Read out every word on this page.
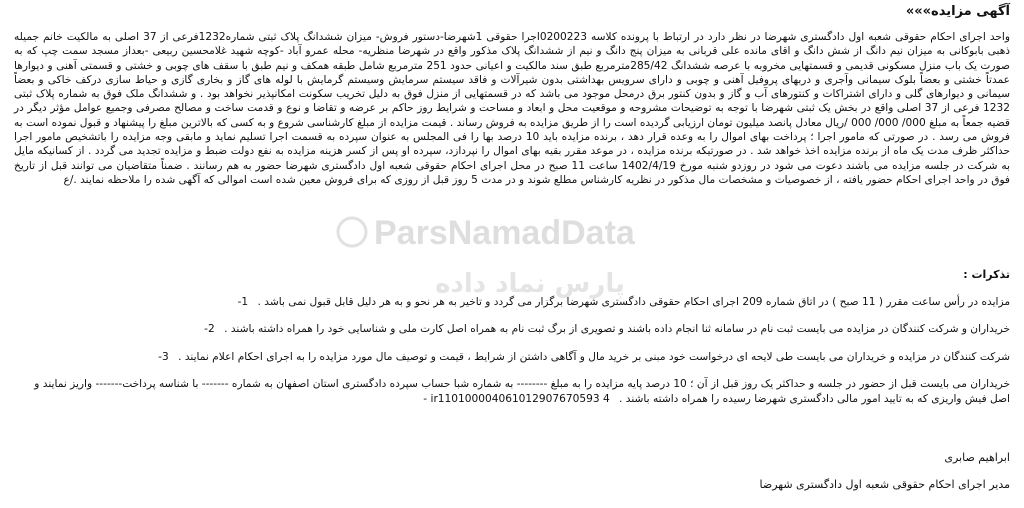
آگهی مزایده»»»

واحد اجرای احکام حقوقی شعبه اول دادگستری شهرضا در نظر دارد در ارتباط با پرونده کلاسه 0200223اجرا حقوقی 1شهرضا-دستور فروش- میزان ششدانگ پلاک ثبتی شماره1232فرعی از 37 اصلی به مالکیت خانم جمیله ذهبی بابوکانی به میزان نیم دانگ از شش دانگ و اقای مانده علی قربانی به میزان پنج دانگ و نیم از ششدانگ پلاک مذکور واقع در شهرضا منظریه- محله عمرو آباد -کوچه شهید غلامحسین ربیعی -بعداز مسجد سمت چپ که به صورت یک باب منزل مسکونی قدیمی و قسمتهایی مخروبه با عرصه ششدانگ 285/42مترمربع طبق سند مالکیت و اعیانی حدود 251 مترمربع شامل طبقه همکف و نیم طبق با سقف های چوبی و خشتی و قسمتی آهنی و دیوارها عمدتاً خشتی و بعضاً بلوک سیمانی وآجری و دربهای پروفیل آهنی و چوبی و دارای سرویس بهداشتی بدون شیرآلات و فاقد سیستم سرمایش وسیستم گرمایش با لوله های گاز و بخاری گازی و حیاط سازی درکف خاکی و بعضاً سیمانی و دیوارهای گلی و دارای اشتراکات و کنتورهای آب و گاز و بدون کنتور برق درمحل موجود می باشد که در قسمتهایی از منزل فوق به دلیل تخریب سکونت امکانپذیر نخواهد بود . و ششدانگ ملک فوق به شماره پلاک ثبتی 1232 فرعی از 37 اصلی واقع در بخش یک ثبتی شهرضا با توجه به توضیحات مشروحه و موقعیت محل و ابعاد و مساحت و شرایط روز حاکم بر عرضه و تقاضا و نوع و قدمت ساخت و مصالح مصرفی وجمیع عوامل مؤثر دیگر در قضیه جمعاً به مبلغ 000/ 000/ 000 /ریال معادل پانصد میلیون تومان ارزیابی گردیده است را از طریق مزایده به فروش رساند . قیمت مزایده از مبلغ کارشناسی شروع و به کسی که بالاترین مبلغ را پیشنهاد و قبول نموده است به فروش می رسد . در صورتی که مامور اجرا ؛ پرداخت بهای اموال را به وعده قرار دهد ، برنده مزایده باید 10 درصد بها را فی المجلس به عنوان سپرده به قسمت اجرا تسلیم نماید و مابقی وجه مزایده را باتشخیص مامور اجرا حداکثر ظرف مدت یک ماه از برنده مزایده اخذ خواهد شد . در صورتیکه برنده مزایده ، در موعد مقرر بقیه بهای اموال را نپردازد، سپرده او پس از کسر هزینه مزایده به نفع دولت ضبط و مزایده تجدید می گردد . از کسانیکه مایل به شرکت در جلسه مزایده می باشند دعوت می شود در روزدو شنبه مورخ 1402/4/19 ساعت 11 صبح در محل اجرای احکام حقوقی شعبه اول دادگستری شهرضا حضور به هم رسانند . ضمناً متقاضیان می توانند قبل از تاریخ فوق در واحد اجرای احکام حضور یافته ، از خصوصیات و مشخصات مال مذکور در نظریه کارشناس مطلع شوند و در مدت 5 روز قبل از روزی که برای فروش معین شده است اموالی که آگهی شده را ملاحظه نمایند ./ع

تذکرات :

مزایده در رأس ساعت مقرر ( 11 صبح ) در اتاق شماره 209 اجرای احکام حقوقی دادگستری شهرضا برگزار می گردد و تاخیر به هر نحو و به هر دلیل قابل قبول نمی باشد . 1-

خریداران و شرکت کنندگان در مزایده می بایست ثبت نام در سامانه ثنا انجام داده باشند و تصویری از برگ ثبت نام به همراه اصل کارت ملی و شناسایی خود را همراه داشته باشند . 2-

شرکت کنندگان در مزایده و خریداران می بایست طی لایحه ای درخواست خود مبنی بر خرید مال و آگاهی داشتن از شرایط ، قیمت و توصیف مال مورد مزایده را به اجرای احکام اعلام نمایند . 3-

خریداران می بایست قبل از حضور در جلسه و حداکثر یک روز قبل از آن ؛ 10 درصد پایه مزایده را به مبلغ -------- به شماره شبا حساب سپرده دادگستری استان اصفهان به شماره ------- با شناسه پرداخت------- واریز نمایند و اصل فیش واریزی که به تایید امور مالی دادگستری شهرضا رسیده را همراه داشته باشند . ir110100004061012907670593 4 -

ابراهیم صابری

مدیر اجرای احکام حقوقی شعبه اول دادگستری شهرضا

ParsNamadData
پارس نماد داده
